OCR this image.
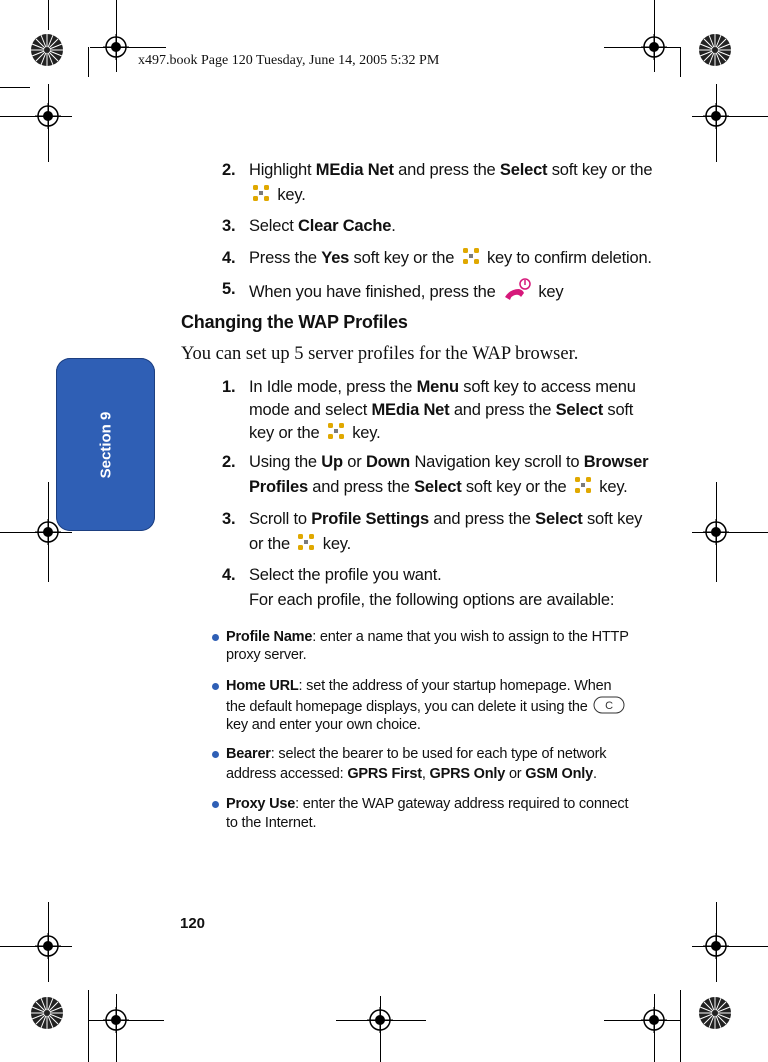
x497.book Page 120 Tuesday, June 14, 2005 5:32 PM
Section 9
2. Highlight MEdia Net and press the Select soft key or the
key.
3. Select Clear Cache.
4. Press the Yes soft key or the  key to confirm deletion.
5. When you have finished, press the  key
Changing the WAP Profiles
You can set up 5 server profiles for the WAP browser.
1. In Idle mode, press the Menu soft key to access menu
mode and select MEdia Net and press the Select soft
key or the  key.
2. Using the Up or Down Navigation key scroll to Browser
Profiles and press the Select soft key or the  key.
3. Scroll to Profile Settings and press the Select soft key
or the  key.
4. Select the profile you want.
For each profile, the following options are available:
Profile Name: enter a name that you wish to assign to the HTTP
proxy server.
Home URL: set the address of your startup homepage. When
the default homepage displays, you can delete it using the C
key and enter your own choice.
Bearer: select the bearer to be used for each type of network
address accessed: GPRS First, GPRS Only or GSM Only.
Proxy Use: enter the WAP gateway address required to connect
to the Internet.
120
